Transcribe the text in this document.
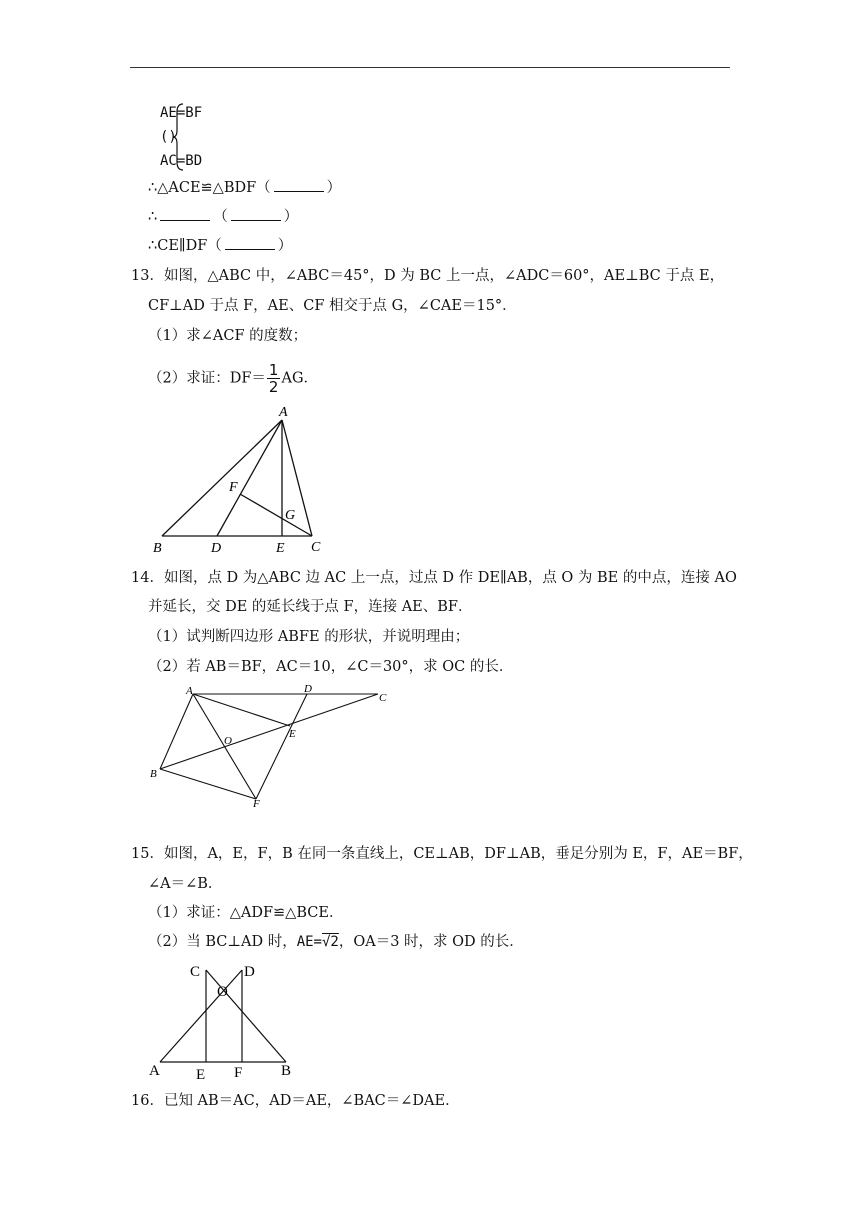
AE=BF
()
AC=BD
∴△ACE≌△BDF（	）
∴	（	）
∴CE∥DF（	）
13．如图，△ABC 中，∠ABC＝45°，D 为 BC 上一点，∠ADC＝60°，AE⊥BC 于点 E，
CF⊥AD 于点 F，AE、CF 相交于点 G，∠CAE＝15°．
（1）求∠ACF 的度数；
（2）求证：$DF= \frac{1}{2}$ AG．
A
B	C
D	E
F
G
14．如图，点 D 为△ABC 边 AC 上一点，过点 D 作 DE∥AB，点 O 为 BE 的中点，连接 AO
并延长，交 DE 的延长线于点 F，连接 AE、BF．
（1）试判断四边形 ABFE 的形状，并说明理由；
（2）若 AB＝BF，AC＝10，∠C＝30°，求 OC 的长．
A
B
C
D
E
F
O
15．如图，A，E，F，B 在同一条直线上，CE⊥AB，DF⊥AB，垂足分别为 E，F，AE＝BF，
∠A＝∠B．
（1）求证：△ADF≌△BCE．
（2）当 BC⊥AD 时，AE=√2，OA＝3 时，求 OD 的长．
C	D
O
A E F	B
16．已知 AB＝AC，AD＝AE，∠BAC＝∠DAE．
